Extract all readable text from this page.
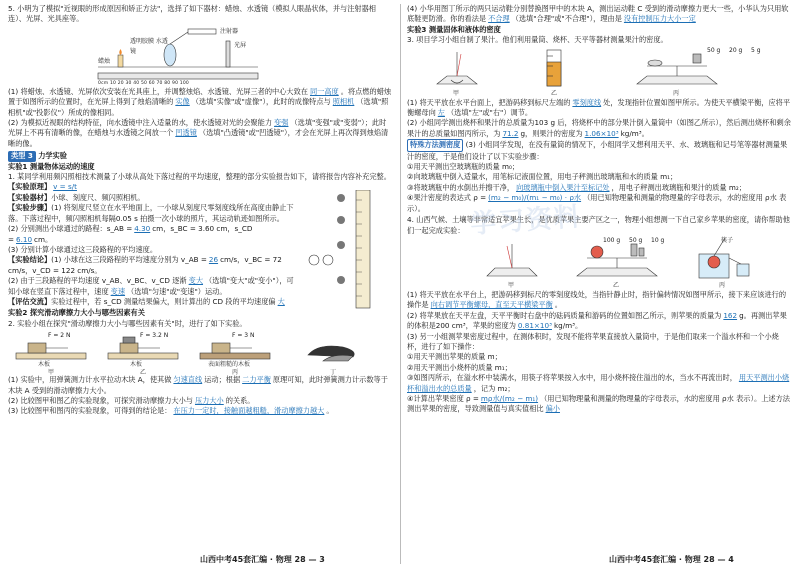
5. 小明为了模拟"近视眼的形成原因和矫正方法"，选择了如下器材：蜡烛、水透镜（模拟人眼晶状体，并与注射器相连）、光屏、光具座等。

注射器
透明胶膜 水透镜
光屏
蜡烛
0cm 10 20 30 40 50 60 70 80 90 100

(1) 将蜡烛、水透镜、光屏依次安装在光具座上，并调整烛焰、水透镜、光屏三者的中心大致在 同一高度 。将点燃的蜡烛置于如图所示的位置时，在光屏上得到了烛焰清晰的 实像 （选填"实像"或"虚像"），此时的成像特点与 照相机 （选填"照相机"或"投影仪"）所成的像相同。

(2) 为模拟近视眼的结构特征，向水透镜中注入适量的水，使水透镜对光的会聚能力 变强 （选填"变强"或"变弱"）；此时光屏上不再有清晰的像，在蜡烛与水透镜之间放一个 凹透镜 （选填"凸透镜"或"凹透镜"），才会在光屏上再次得到烛焰清晰的像。

类型 3 力学实验

实验1 测量物体运动的速度

1. 某同学利用频闪照相技术测量了小球从高处下落过程的平均速度，整理的部分实验报告如下，请将报告内容补充完整。

【实验原理】 v = s/t

【实验器材】小球、刻度尺、频闪照相机。

【实验步骤】(1) 将刻度尺竖立在水平地面上，一小球从刻度尺零刻度线所在高度由静止下落。下落过程中，频闪照相机每隔0.05 s 拍摄一次小球的照片，其运动轨迹如图所示。

(2) 分别测出小球通过的路程：s_AB = 4.30 cm，s_BC = 3.60 cm，s_CD = 6.10 cm。

(3) 分别计算小球通过这三段路程的平均速度。

【实验结论】(1) 小球在这三段路程的平均速度分别为 v_AB = 26 cm/s，v_BC = 72 cm/s，v_CD = 122 cm/s。

(2) 由于三段路程的平均速度 v_AB、v_BC、v_CD 逐渐 变大 （选填"变大"或"变小"），可知小球在竖直下落过程中，速度 变速 （选填"匀速"或"变速"）运动。

【评估交流】实验过程中，若 s_CD 测量结果偏大，则计算出的 CD 段的平均速度偏 大

实验2 探究滑动摩擦力大小与哪些因素有关

2. 实验小组在探究"滑动摩擦力大小与哪些因素有关"时，进行了如下实验。

F = 2 N	F = 3.2 N	F = 3 N
木板	木板	表面粗糙的木板
甲	乙	丙	丁

(1) 实验中，用弹簧测力计水平拉动木块 A，使其做 匀速直线 运动；根据 二力平衡 原理可知，此时弹簧测力计示数等于木块 A 受到的滑动摩擦力大小。

(2) 比较图甲和图乙的实验现象，可探究滑动摩擦力大小与 压力大小 的关系。

(3) 比较图甲和图丙的实验现象，可得到的结论是： 在压力一定时，接触面越粗糙，滑动摩擦力越大 。

山西中考45套汇编 · 物理 28 — 3

(4) 小华用图丁所示的两只运动鞋分别替换图甲中的木块 A，测出运动鞋 C 受到的滑动摩擦力更大一些，小华认为只用软底鞋更防滑。你的看法是 不合理 （选填"合理"或"不合理"），理由是 没有控制压力大小一定

实验3 测量固体和液体的密度

3. 项目学习小组自制了果汁。他们利用量筒、烧杯、天平等器材测量果汁的密度。

50 g 20 g 5 g
甲	乙	丙

(1) 将天平放在水平台面上，把游码移到标尺左端的 零刻度线 处，发现指针位置如图甲所示。为使天平横梁平衡，应将平衡螺母向 左 （选填"左"或"右"）调节。

(2) 小组同学测出烧杯和果汁的总质量为103 g 后，将烧杯中的部分果汁倒入量筒中（如图乙所示），然后测出烧杯和剩余果汁的总质量如图丙所示，为 71.2 g，则果汁的密度为 1.06×10³ kg/m³。

特殊方法测密度 (3) 小组同学发现，在没有量筒的情况下，小组同学又想利用天平、水、玻璃瓶和记号笔等器材测量果汁的密度，于是他们设计了以下实验步骤：

①用天平测出空玻璃瓶的质量 m₀；

②向玻璃瓶中倒入适量水，用笔标记液面位置，用电子秤测出玻璃瓶和水的质量 m₁；

③将玻璃瓶中的水倒出并擦干净， 向玻璃瓶中倒入果汁至标记处 ，用电子秤测出玻璃瓶和果汁的质量 m₂；

④果汁密度的表达式 ρ = (m₂ − m₀)/(m₁ − m₀) · ρ水 （用已知物理量和测量的物理量的字母表示，水的密度用 ρ水 表示）。

4. 山西气候、土壤等非常适宜苹果生长，是优质苹果主要产区之一，物理小组想测一下自己家乡苹果的密度，请你帮助他们一起完成实验：

筷子
100 g 50 g 10 g
甲	乙	丙

(1) 将天平放在水平台上，把游码移到标尺的零刻度线处，当指针静止时，指针偏转情况如图甲所示，接下来应该进行的操作是 向右调节平衡螺母，直至天平横梁平衡 。

(2) 将苹果放在天平左盘，天平平衡时右盘中的砝码质量和游码的位置如图乙所示，则苹果的质量为 162 g。再测出苹果的体积是200 cm³，苹果的密度为 0.81×10³ kg/m³。

(3) 另一小组测苹果密度过程中，在测体积时，发现不能将苹果直接放入量筒中，于是他们取来一个溢水杯和一个小烧杯，进行了如下操作：

①用天平测出苹果的质量 m；

②用天平测出小烧杯的质量 m₁；

③如图丙所示，在溢水杯中装满水，用筷子将苹果按入水中，用小烧杯接住溢出的水，当水不再流出时， 用天平测出小烧杯和溢出水的总质量 ，记为 m₂；

④计算出苹果密度 ρ = mρ水/(m₂ − m₁) （用已知物理量和测量的物理量的字母表示，水的密度用 ρ水 表示）。上述方法测出苹果的密度，导致测量值与真实值相比 偏小

山西中考45套汇编 · 物理 28 — 4
学习资料
